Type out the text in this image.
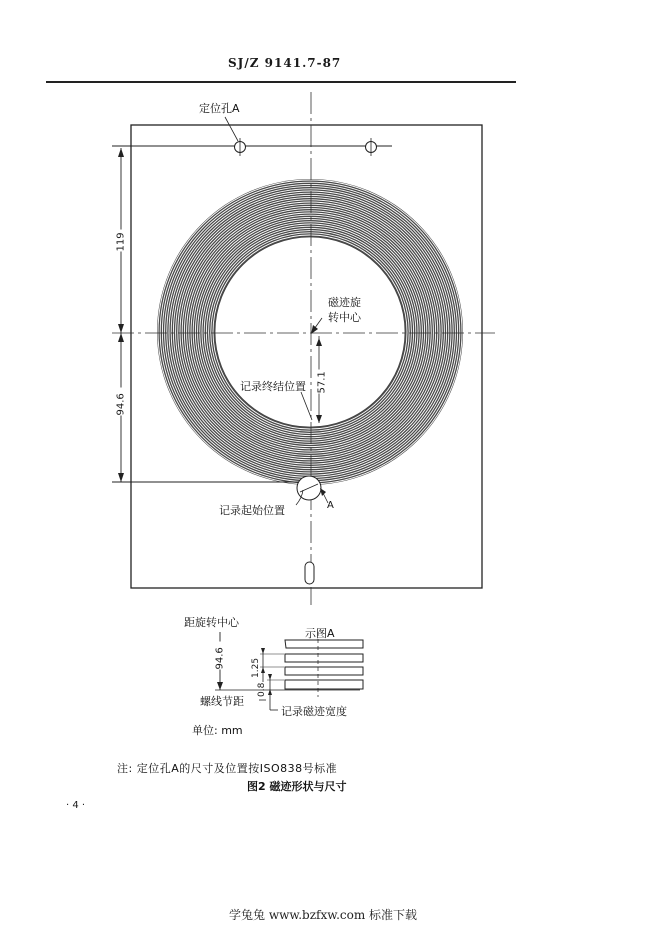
SJ/Z 9141.7-87
定位孔A
磁迹旋
转中心
记录终结位置
记录起始位置	A
119
94.6
57.1
距旋转中心
示图A
94.6	1.25
0.8
螺线节距
记录磁迹宽度
单位: mm
注: 定位孔A的尺寸及位置按ISO838号标准
图2 磁迹形状与尺寸
· 4 ·
学兔兔 www.bzfxw.com 标准下载
